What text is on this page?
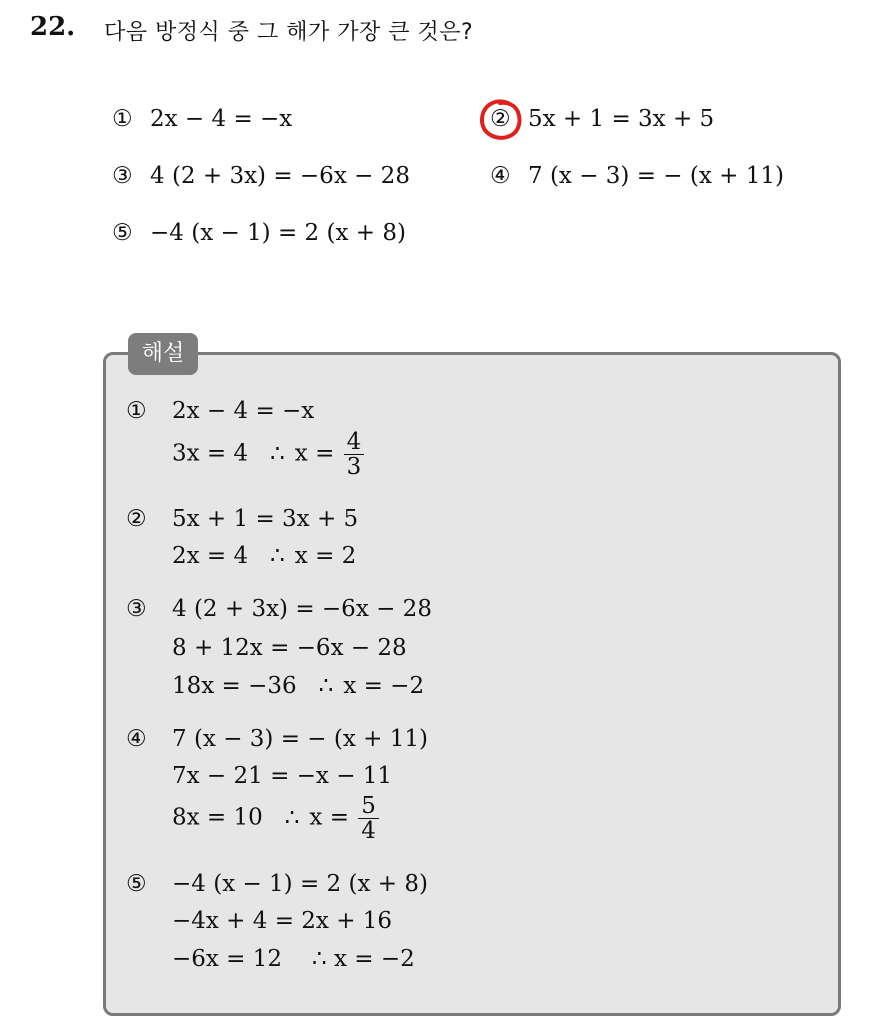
22. 다음 방정식 중 그 해가 가장 큰 것은?
① 2x − 4 = −x	② 5x + 1 = 3x + 5
③ 4 (2 + 3x) = −6x − 28	④ 7 (x − 3) = − (x + 11)
⑤ −4 (x − 1) = 2 (x + 8)
해설
① 2x − 4 = −x
3x = 4 ∴ $x = \frac{4}{3}$
② 5x + 1 = 3x + 5
2x = 4 ∴ x = 2
③ 4 (2 + 3x) = −6x − 28
8 + 12x = −6x − 28
18x = −36 ∴ x = −2
④ 7 (x − 3) = − (x + 11)
7x − 21 = −x − 11
8x = 10 ∴ $x = \frac{5}{4}$
⑤ −4 (x − 1) = 2 (x + 8)
−4x + 4 = 2x + 16
−6x = 12 ∴ x = −2
